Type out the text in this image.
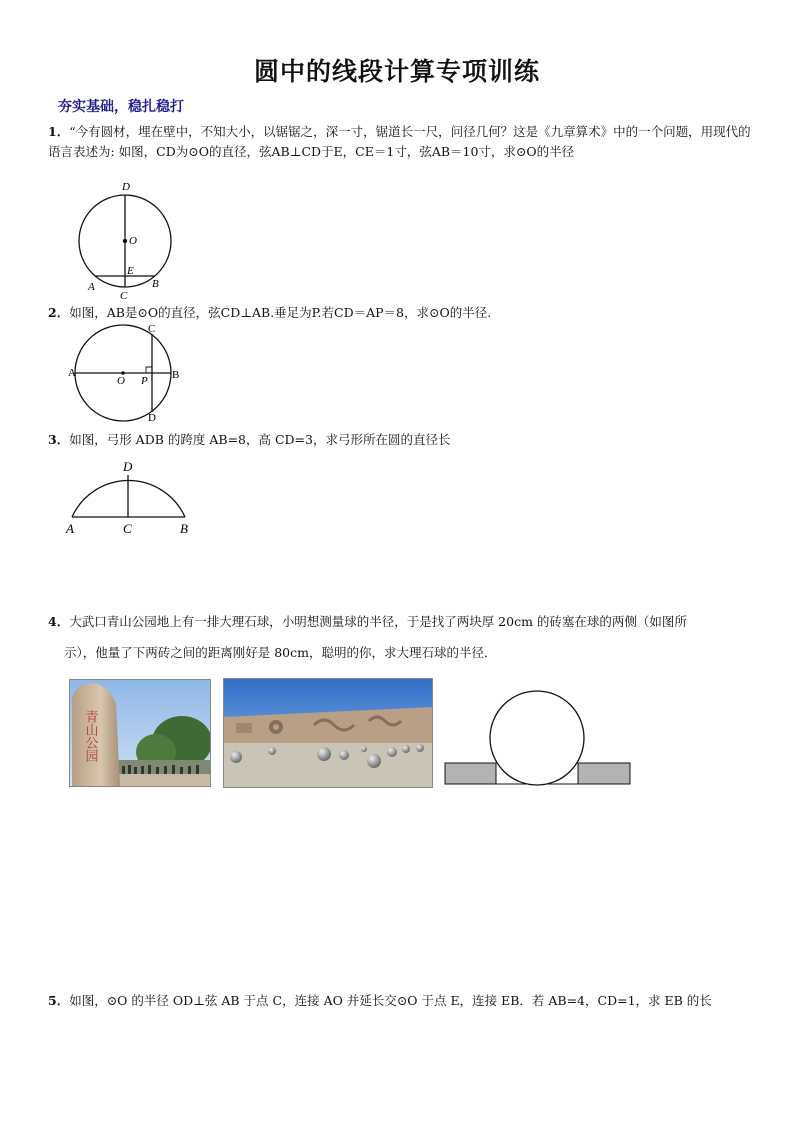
圆中的线段计算专项训练
夯实基础，稳扎稳打
1．“今有圆材，埋在壁中，不知大小，以锯锯之，深一寸，锯道长一尺，问径几何？这是《九章算术》中的一个问题，用现代的语言表述为: 如图，CD为⊙O的直径，弦AB⊥CD于E，CE＝1寸，弦AB＝10寸，求⊙O的半径
D
O
E
A	B
C
2．如图，AB是⊙O的直径，弦CD⊥AB.垂足为P.若CD＝AP＝8，求⊙O的半径.
C
A
O P B
D
3．如图，弓形 ADB 的跨度 AB=8，高 CD=3，求弓形所在圆的直径长
D
A	C	B
4．大武口青山公园地上有一排大理石球，小明想测量球的半径，于是找了两块厚 20cm 的砖塞在球的两侧（如图所
示），他量了下两砖之间的距离刚好是 80cm，聪明的你，求大理石球的半径．
青山公园
5．如图，⊙O 的半径 OD⊥弦 AB 于点 C，连接 AO 并延长交⊙O 于点 E，连接 EB．若 AB=4，CD=1，求 EB 的长
